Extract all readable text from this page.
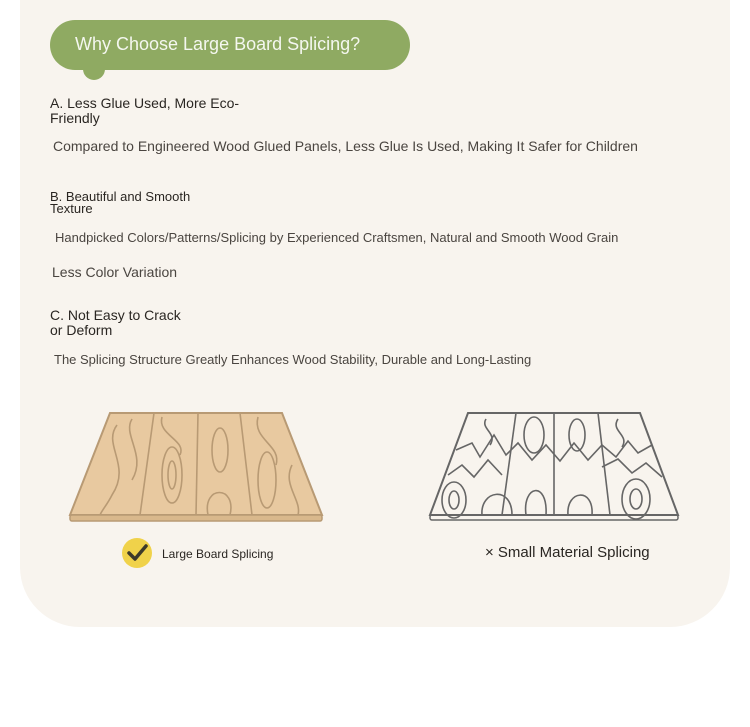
Why Choose Large Board Splicing?
A. Less Glue Used, More Eco-Friendly
Compared to Engineered Wood Glued Panels, Less Glue Is Used, Making It Safer for Children
B. Beautiful and Smooth Texture
Handpicked Colors/Patterns/Splicing by Experienced Craftsmen, Natural and Smooth Wood Grain
Less Color Variation
C. Not Easy to Crack or Deform
The Splicing Structure Greatly Enhances Wood Stability, Durable and Long-Lasting
Large Board Splicing	× Small Material Splicing
